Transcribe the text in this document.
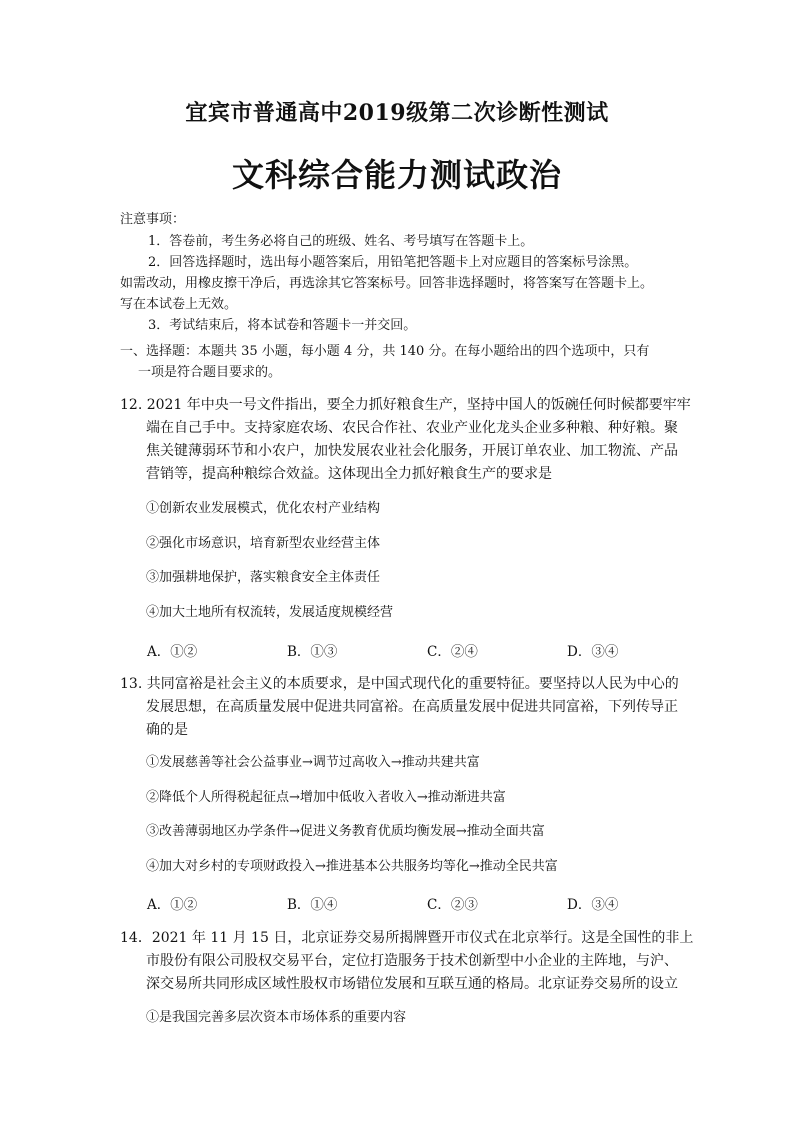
宜宾市普通高中2019级第二次诊断性测试
文科综合能力测试政治
注意事项：
1．答卷前，考生务必将自己的班级、姓名、考号填写在答题卡上。
2．回答选择题时，选出每小题答案后，用铅笔把答题卡上对应题目的答案标号涂黑。
如需改动，用橡皮擦干净后，再选涂其它答案标号。回答非选择题时，将答案写在答题卡上。
写在本试卷上无效。
3．考试结束后，将本试卷和答题卡一并交回。
一、选择题：本题共 35 小题，每小题 4 分，共 140 分。在每小题给出的四个选项中，只有
一项是符合题目要求的。
12. 2021 年中央一号文件指出，要全力抓好粮食生产，坚持中国人的饭碗任何时候都要牢牢
端在自己手中。支持家庭农场、农民合作社、农业产业化龙头企业多种粮、种好粮。聚
焦关键薄弱环节和小农户，加快发展农业社会化服务，开展订单农业、加工物流、产品
营销等，提高种粮综合效益。这体现出全力抓好粮食生产的要求是
①创新农业发展模式，优化农村产业结构
②强化市场意识，培育新型农业经营主体
③加强耕地保护，落实粮食安全主体责任
④加大土地所有权流转，发展适度规模经营
A．①②	B．①③	C．②④	D．③④
13. 共同富裕是社会主义的本质要求，是中国式现代化的重要特征。要坚持以人民为中心的
发展思想，在高质量发展中促进共同富裕。在高质量发展中促进共同富裕，下列传导正
确的是
①发展慈善等社会公益事业→调节过高收入→推动共建共富
②降低个人所得税起征点→增加中低收入者收入→推动渐进共富
③改善薄弱地区办学条件→促进义务教育优质均衡发展→推动全面共富
④加大对乡村的专项财政投入→推进基本公共服务均等化→推动全民共富
A．①②	B．①④	C．②③	D．③④
14．2021 年 11 月 15 日，北京证券交易所揭牌暨开市仪式在北京举行。这是全国性的非上
市股份有限公司股权交易平台，定位打造服务于技术创新型中小企业的主阵地，与沪、
深交易所共同形成区域性股权市场错位发展和互联互通的格局。北京证券交易所的设立
①是我国完善多层次资本市场体系的重要内容
